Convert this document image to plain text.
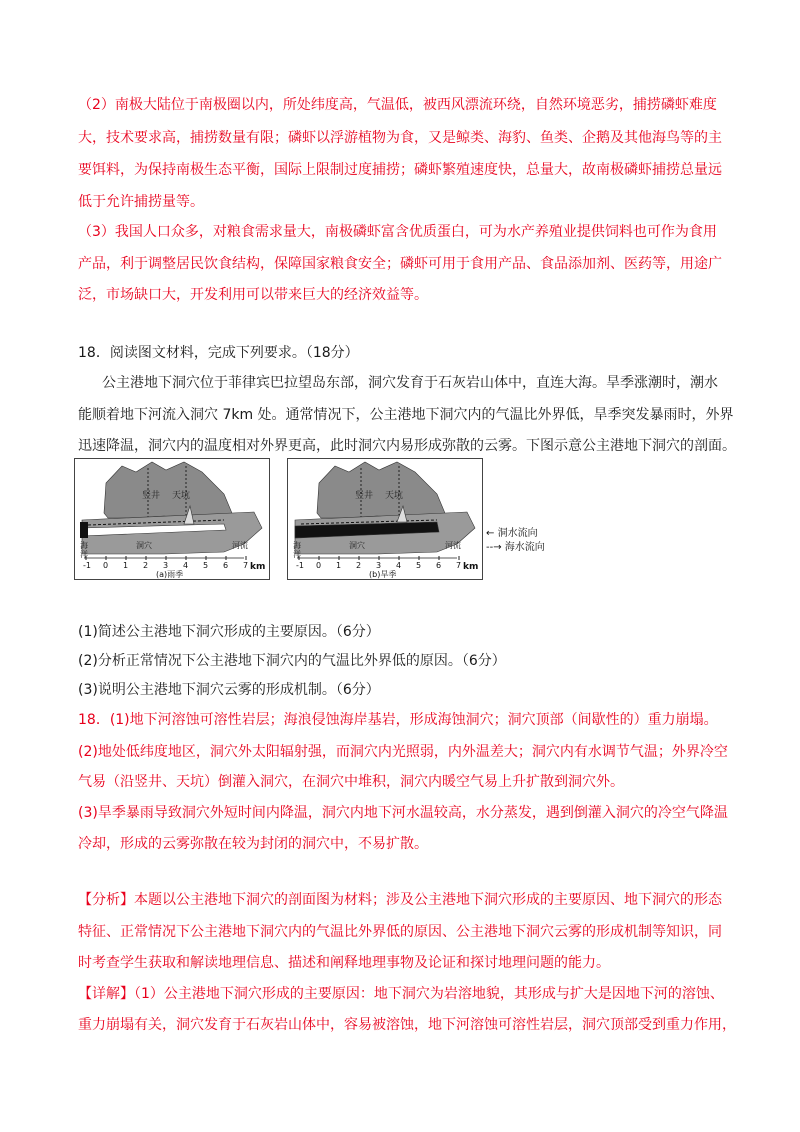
（2）南极大陆位于南极圈以内，所处纬度高，气温低，被西风漂流环绕，自然环境恶劣，捕捞磷虾难度
大，技术要求高，捕捞数量有限；磷虾以浮游植物为食，又是鲸类、海豹、鱼类、企鹅及其他海鸟等的主
要饵料，为保持南极生态平衡，国际上限制过度捕捞；磷虾繁殖速度快，总量大，故南极磷虾捕捞总量远
低于允许捕捞量等。
（3）我国人口众多，对粮食需求量大，南极磷虾富含优质蛋白，可为水产养殖业提供饲料也可作为食用
产品，利于调整居民饮食结构，保障国家粮食安全；磷虾可用于食用产品、食品添加剂、医药等，用途广
泛，市场缺口大，开发利用可以带来巨大的经济效益等。
18．阅读图文材料，完成下列要求。（18分）
公主港地下洞穴位于菲律宾巴拉望岛东部，洞穴发育于石灰岩山体中，直连大海。旱季涨潮时，潮水
能顺着地下河流入洞穴 7km 处。通常情况下，公主港地下洞穴内的气温比外界低，旱季突发暴雨时，外界
迅速降温，洞穴内的温度相对外界更高，此时洞穴内易形成弥散的云雾。下图示意公主港地下洞穴的剖面。
竖井 天坑
海
洋
洞穴	河流
-1 0 1 2 3 4 5 6 7 km
(a)雨季
竖井 天坑
海
洋
洞穴	河流
-1 0 1 2 3 4 5 6 7 km
(b)旱季
← 洞水流向
--→ 海水流向
(1)简述公主港地下洞穴形成的主要原因。（6分）
(2)分析正常情况下公主港地下洞穴内的气温比外界低的原因。（6分）
(3)说明公主港地下洞穴云雾的形成机制。（6分）
18．(1)地下河溶蚀可溶性岩层；海浪侵蚀海岸基岩，形成海蚀洞穴；洞穴顶部（间歇性的）重力崩塌。
(2)地处低纬度地区，洞穴外太阳辐射强，而洞穴内光照弱，内外温差大；洞穴内有水调节气温；外界冷空
气易（沿竖井、天坑）倒灌入洞穴，在洞穴中堆积，洞穴内暖空气易上升扩散到洞穴外。
(3)旱季暴雨导致洞穴外短时间内降温，洞穴内地下河水温较高，水分蒸发，遇到倒灌入洞穴的冷空气降温
冷却，形成的云雾弥散在较为封闭的洞穴中，不易扩散。
【分析】本题以公主港地下洞穴的剖面图为材料；涉及公主港地下洞穴形成的主要原因、地下洞穴的形态
特征、正常情况下公主港地下洞穴内的气温比外界低的原因、公主港地下洞穴云雾的形成机制等知识，同
时考查学生获取和解读地理信息、描述和阐释地理事物及论证和探讨地理问题的能力。
【详解】（1）公主港地下洞穴形成的主要原因：地下洞穴为岩溶地貌，其形成与扩大是因地下河的溶蚀、
重力崩塌有关，洞穴发育于石灰岩山体中，容易被溶蚀，地下河溶蚀可溶性岩层，洞穴顶部受到重力作用，
